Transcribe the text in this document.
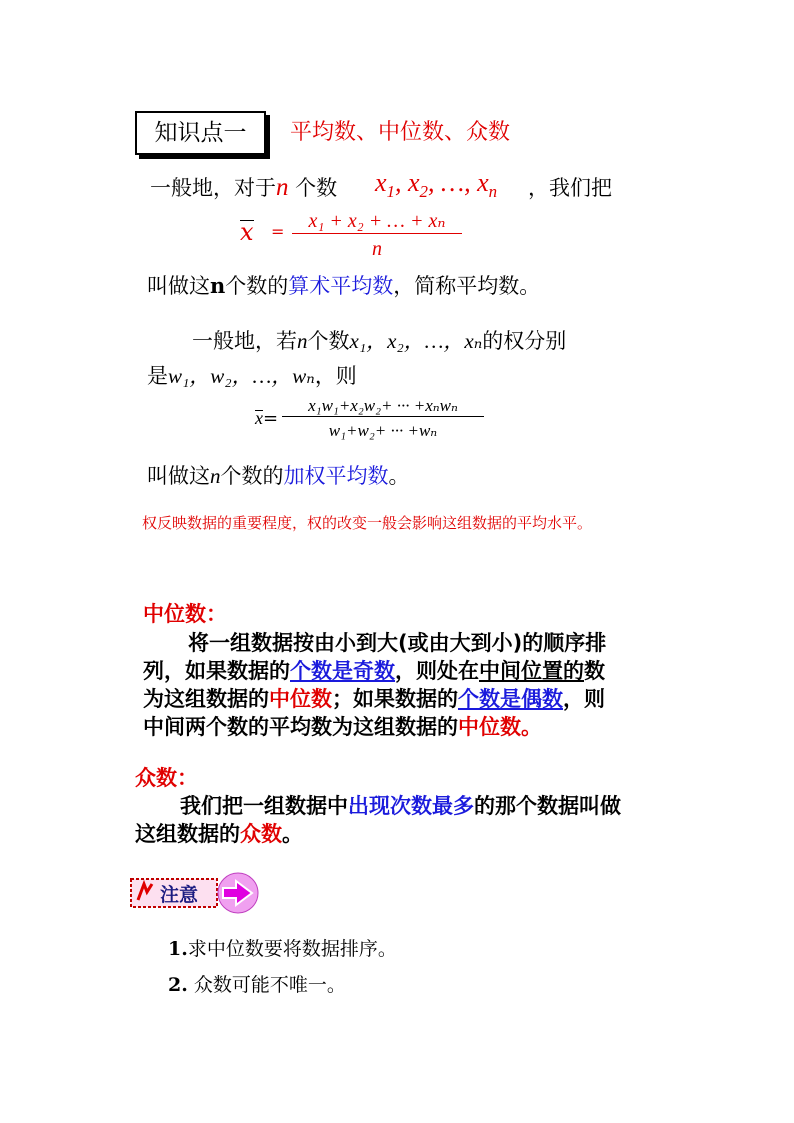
知识点一	平均数、中位数、众数
一般地，对于n 个数 $x_1$, $x_2$, …, $x_n$ ，我们把
x =	x₁ + x₂ + … + xₙ
n
叫做这n个数的算术平均数，简称平均数。
一般地，若n个数x₁，x₂，…，xₙ的权分别
是w₁，w₂，…，wₙ，则
x=
x₁w₁+x₂w₂+ ··· +xₙwₙ
w₁+w₂+ ··· +wₙ
叫做这n个数的加权平均数。
权反映数据的重要程度，权的改变一般会影响这组数据的平均水平。
中位数：
将一组数据按由小到大(或由大到小)的顺序排
列，如果数据的个数是奇数，则处在中间位置的数
为这组数据的中位数；如果数据的个数是偶数，则
中间两个数的平均数为这组数据的中位数。
众数：
我们把一组数据中出现次数最多的那个数据叫做
这组数据的众数。
注意
1.求中位数要将数据排序。
2. 众数可能不唯一。
